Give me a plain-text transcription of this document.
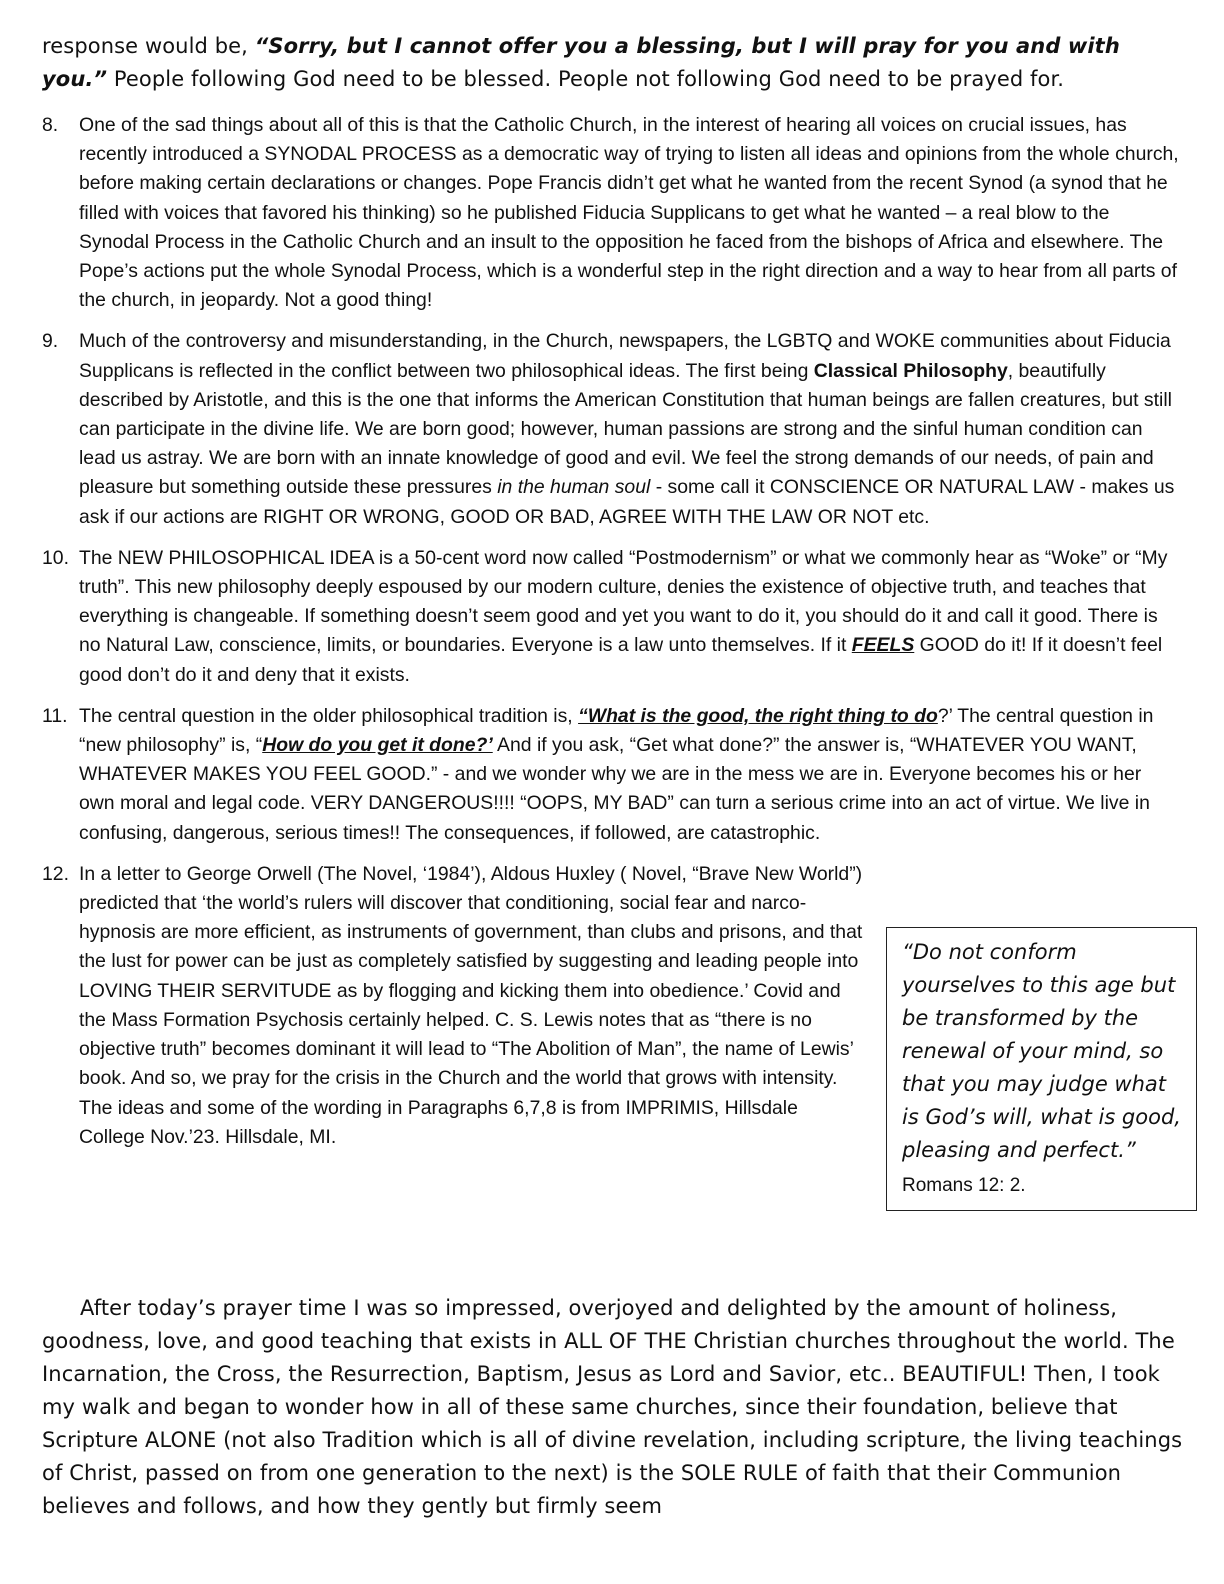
response would be, “Sorry, but I cannot offer you a blessing, but I will pray for you and with you.” People following God need to be blessed. People not following God need to be prayed for.
8. One of the sad things about all of this is that the Catholic Church, in the interest of hearing all voices on crucial issues, has recently introduced a SYNODAL PROCESS as a democratic way of trying to listen all ideas and opinions from the whole church, before making certain declarations or changes. Pope Francis didn’t get what he wanted from the recent Synod (a synod that he filled with voices that favored his thinking) so he published Fiducia Supplicans to get what he wanted – a real blow to the Synodal Process in the Catholic Church and an insult to the opposition he faced from the bishops of Africa and elsewhere. The Pope’s actions put the whole Synodal Process, which is a wonderful step in the right direction and a way to hear from all parts of the church, in jeopardy. Not a good thing!
9. Much of the controversy and misunderstanding, in the Church, newspapers, the LGBTQ and WOKE communities about Fiducia Supplicans is reflected in the conflict between two philosophical ideas. The first being Classical Philosophy, beautifully described by Aristotle, and this is the one that informs the American Constitution that human beings are fallen creatures, but still can participate in the divine life. We are born good; however, human passions are strong and the sinful human condition can lead us astray. We are born with an innate knowledge of good and evil. We feel the strong demands of our needs, of pain and pleasure but something outside these pressures in the human soul - some call it CONSCIENCE OR NATURAL LAW - makes us ask if our actions are RIGHT OR WRONG, GOOD OR BAD, AGREE WITH THE LAW OR NOT etc.
10. The NEW PHILOSOPHICAL IDEA is a 50-cent word now called “Postmodernism” or what we commonly hear as “Woke” or “My truth”. This new philosophy deeply espoused by our modern culture, denies the existence of objective truth, and teaches that everything is changeable. If something doesn’t seem good and yet you want to do it, you should do it and call it good. There is no Natural Law, conscience, limits, or boundaries. Everyone is a law unto themselves. If it FEELS GOOD do it! If it doesn’t feel good don’t do it and deny that it exists.
11. The central question in the older philosophical tradition is, “What is the good, the right thing to do?’ The central question in “new philosophy” is, “How do you get it done?’ And if you ask, “Get what done?” the answer is, “WHATEVER YOU WANT, WHATEVER MAKES YOU FEEL GOOD.” - and we wonder why we are in the mess we are in. Everyone becomes his or her own moral and legal code. VERY DANGEROUS!!!! “OOPS, MY BAD” can turn a serious crime into an act of virtue. We live in confusing, dangerous, serious times!! The consequences, if followed, are catastrophic.
12. In a letter to George Orwell (The Novel, ‘1984’), Aldous Huxley ( Novel, “Brave New World”) predicted that ‘the world’s rulers will discover that conditioning, social fear and narco-hypnosis are more efficient, as instruments of government, than clubs and prisons, and that the lust for power can be just as completely satisfied by suggesting and leading people into LOVING THEIR SERVITUDE as by flogging and kicking them into obedience.’ Covid and the Mass Formation Psychosis certainly helped. C. S. Lewis notes that as “there is no objective truth” becomes dominant it will lead to “The Abolition of Man”, the name of Lewis’ book. And so, we pray for the crisis in the Church and the world that grows with intensity. The ideas and some of the wording in Paragraphs 6,7,8 is from IMPRIMIS, Hillsdale College Nov.’23. Hillsdale, MI.
“Do not conform yourselves to this age but be transformed by the renewal of your mind, so that you may judge what is God’s will, what is good, pleasing and perfect.” Romans 12: 2.

After today’s prayer time I was so impressed, overjoyed and delighted by the amount of holiness, goodness, love, and good teaching that exists in ALL OF THE Christian churches throughout the world. The Incarnation, the Cross, the Resurrection, Baptism, Jesus as Lord and Savior, etc.. BEAUTIFUL! Then, I took my walk and began to wonder how in all of these same churches, since their foundation, believe that Scripture ALONE (not also Tradition which is all of divine revelation, including scripture, the living teachings of Christ, passed on from one generation to the next) is the SOLE RULE of faith that their Communion believes and follows, and how they gently but firmly seem
